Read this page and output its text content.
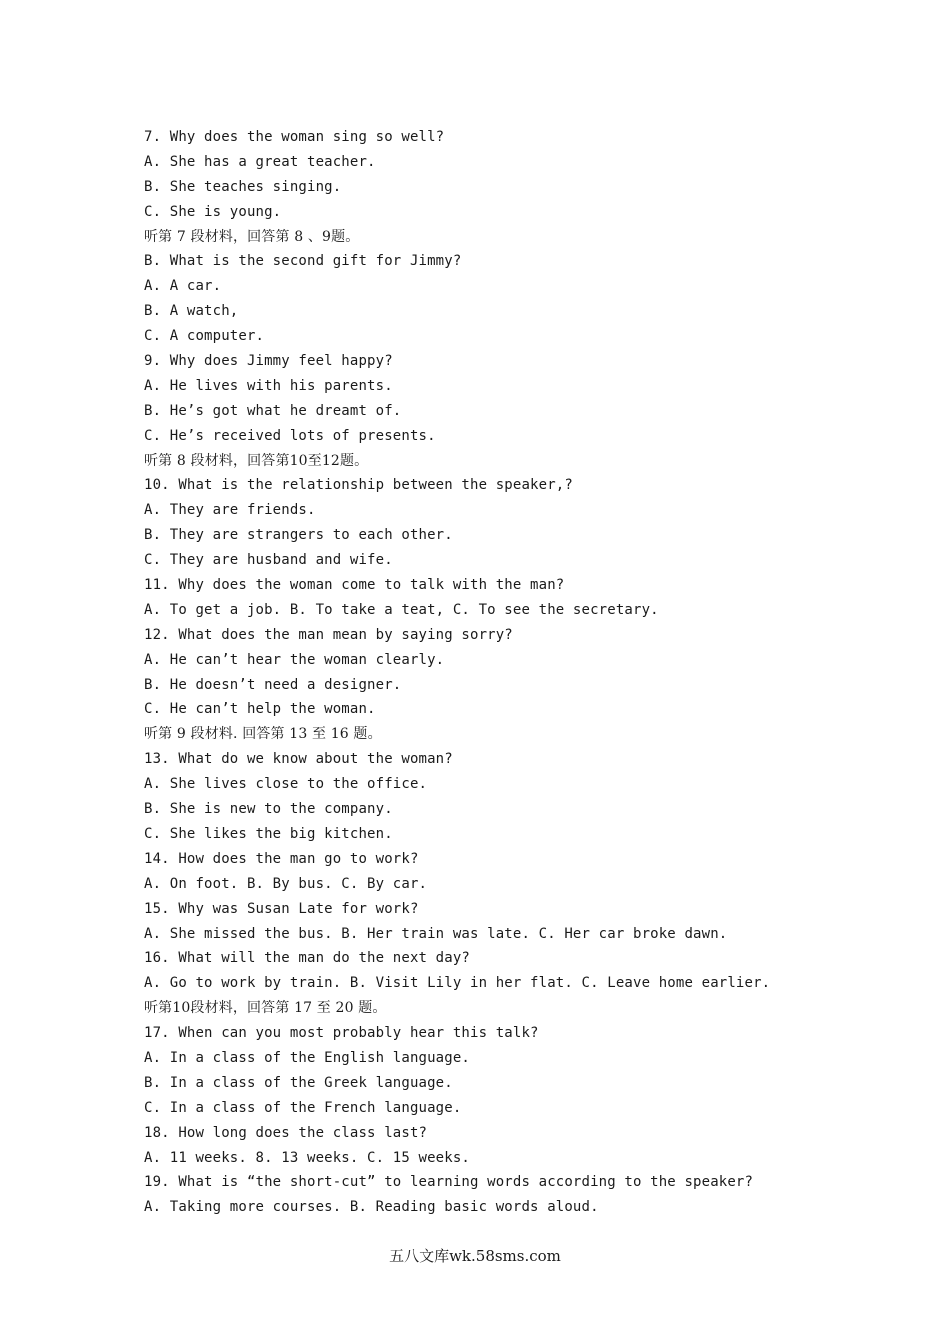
7. Why does the woman sing so well?
A. She has a great teacher.
B. She teaches singing.
C. She is young.
听第 7 段材料，回答第 8 、9题。
B. What is the second gift for Jimmy?
A. A car.
B. A watch,
C. A computer.
9. Why does Jimmy feel happy?
A. He lives with his parents.
B. He’s got what he dreamt of.
C. He’s received lots of presents.
听第 8 段材料，回答第10至12题。
10. What is the relationship between the speaker,?
A. They are friends.
B. They are strangers to each other.
C. They are husband and wife.
11. Why does the woman come to talk with the man?
A. To get a job. B. To take a teat, C. To see the secretary.
12. What does the man mean by saying sorry?
A. He can’t hear the woman clearly.
B. He doesn’t need a designer.
C. He can’t help the woman.
听第 9 段材料. 回答第 13 至 16 题。
13. What do we know about the woman?
A. She lives close to the office.
B. She is new to the company.
C. She likes the big kitchen.
14. How does the man go to work?
A. On foot. B. By bus. C. By car.
15. Why was Susan Late for work?
A. She missed the bus. B. Her train was late. C. Her car broke dawn.
16. What will the man do the next day?
A. Go to work by train. B. Visit Lily in her flat. C. Leave home earlier.
听第10段材料，回答第 17 至 20 题。
17. When can you most probably hear this talk?
A. In a class of the English language.
B. In a class of the Greek language.
C. In a class of the French language.
18. How long does the class last?
A. 11 weeks. 8. 13 weeks. C. 15 weeks.
19. What is “the short-cut” to learning words according to the speaker?
A. Taking more courses. B. Reading basic words aloud.
五八文库wk.58sms.com
